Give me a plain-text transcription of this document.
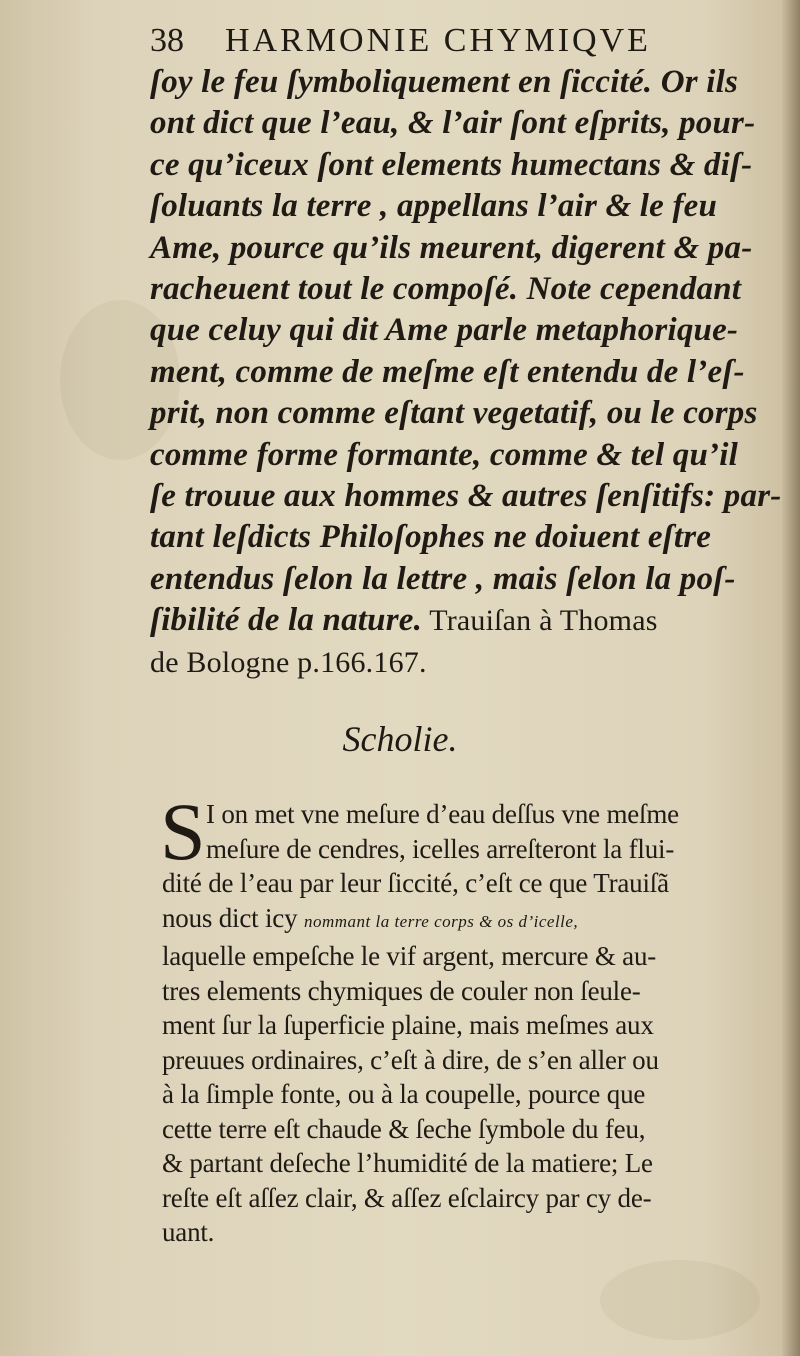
38 HARMONIE CHYMIQVE
ſoy le feu ſymboliquement en ſiccité. Or ils
ont dict que l’eau, & l’air ſont eſprits, pour-
ce qu’iceux ſont elements humectans & diſ-
ſoluants la terre , appellans l’air & le feu
Ame, pource qu’ils meurent, digerent & pa-
racheuent tout le compoſé. Note cependant
que celuy qui dit Ame parle metaphorique-
ment, comme de meſme eſt entendu de l’eſ-
prit, non comme eſtant vegetatif, ou le corps
comme forme formante, comme & tel qu’il
ſe trouue aux hommes & autres ſenſitifs: par-
tant leſdicts Philoſophes ne doiuent eſtre
entendus ſelon la lettre , mais ſelon la poſ-
ſibilité de la nature. Trauiſan à Thomas
de Bologne p.166.167.
Scholie.
S I on met vne meſure d’eau deſſus vne meſme
meſure de cendres, icelles arreſteront la flui-
dité de l’eau par leur ſiccité, c’eſt ce que Trauiſã
nous dict icy nommant la terre corps & os d’icelle,
laquelle empeſche le vif argent, mercure & au-
tres elements chymiques de couler non ſeule-
ment ſur la ſuperficie plaine, mais meſmes aux
preuues ordinaires, c’eſt à dire, de s’en aller ou
à la ſimple fonte, ou à la coupelle, pource que
cette terre eſt chaude & ſeche ſymbole du feu,
& partant deſeche l’humidité de la matiere; Le
reſte eſt aſſez clair, & aſſez eſclaircy par cy de-
uant.
